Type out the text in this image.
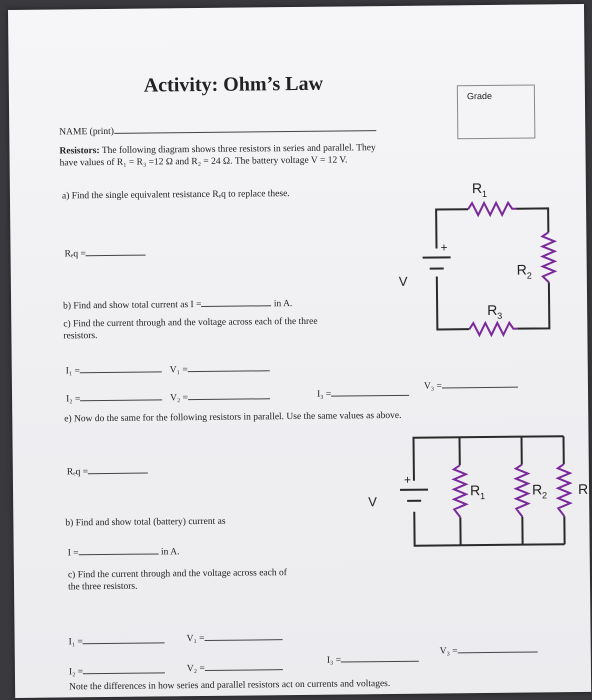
Activity: Ohm’s Law	Grade
NAME (print)
Resistors: The following diagram shows three resistors in series and parallel. They
have values of R₁ = R₃ =12 Ω and R₂ = 24 Ω. The battery voltage V = 12 V.
a) Find the single equivalent resistance Rₑq to replace these.
Rₑq =
b) Find and show total current as I =	in A.
c) Find the current through and the voltage across each of the three
resistors.
I₁ =	V₁ =
I₂ =	V₂ =	I₃ =
V₃ =
e) Now do the same for the following resistors in parallel. Use the same values as above.
Rₑq =
b) Find and show total (battery) current as
I =	in A.
c) Find the current through and the voltage across each of
the three resistors.
I₁ =	V₁ =
I₂ =	V₂ =
I₃ =
V₃ =
Note the differences in how series and parallel resistors act on currents and voltages.
R 1
R 2
R 3
V
+
R 1	R 2 R
V
+
